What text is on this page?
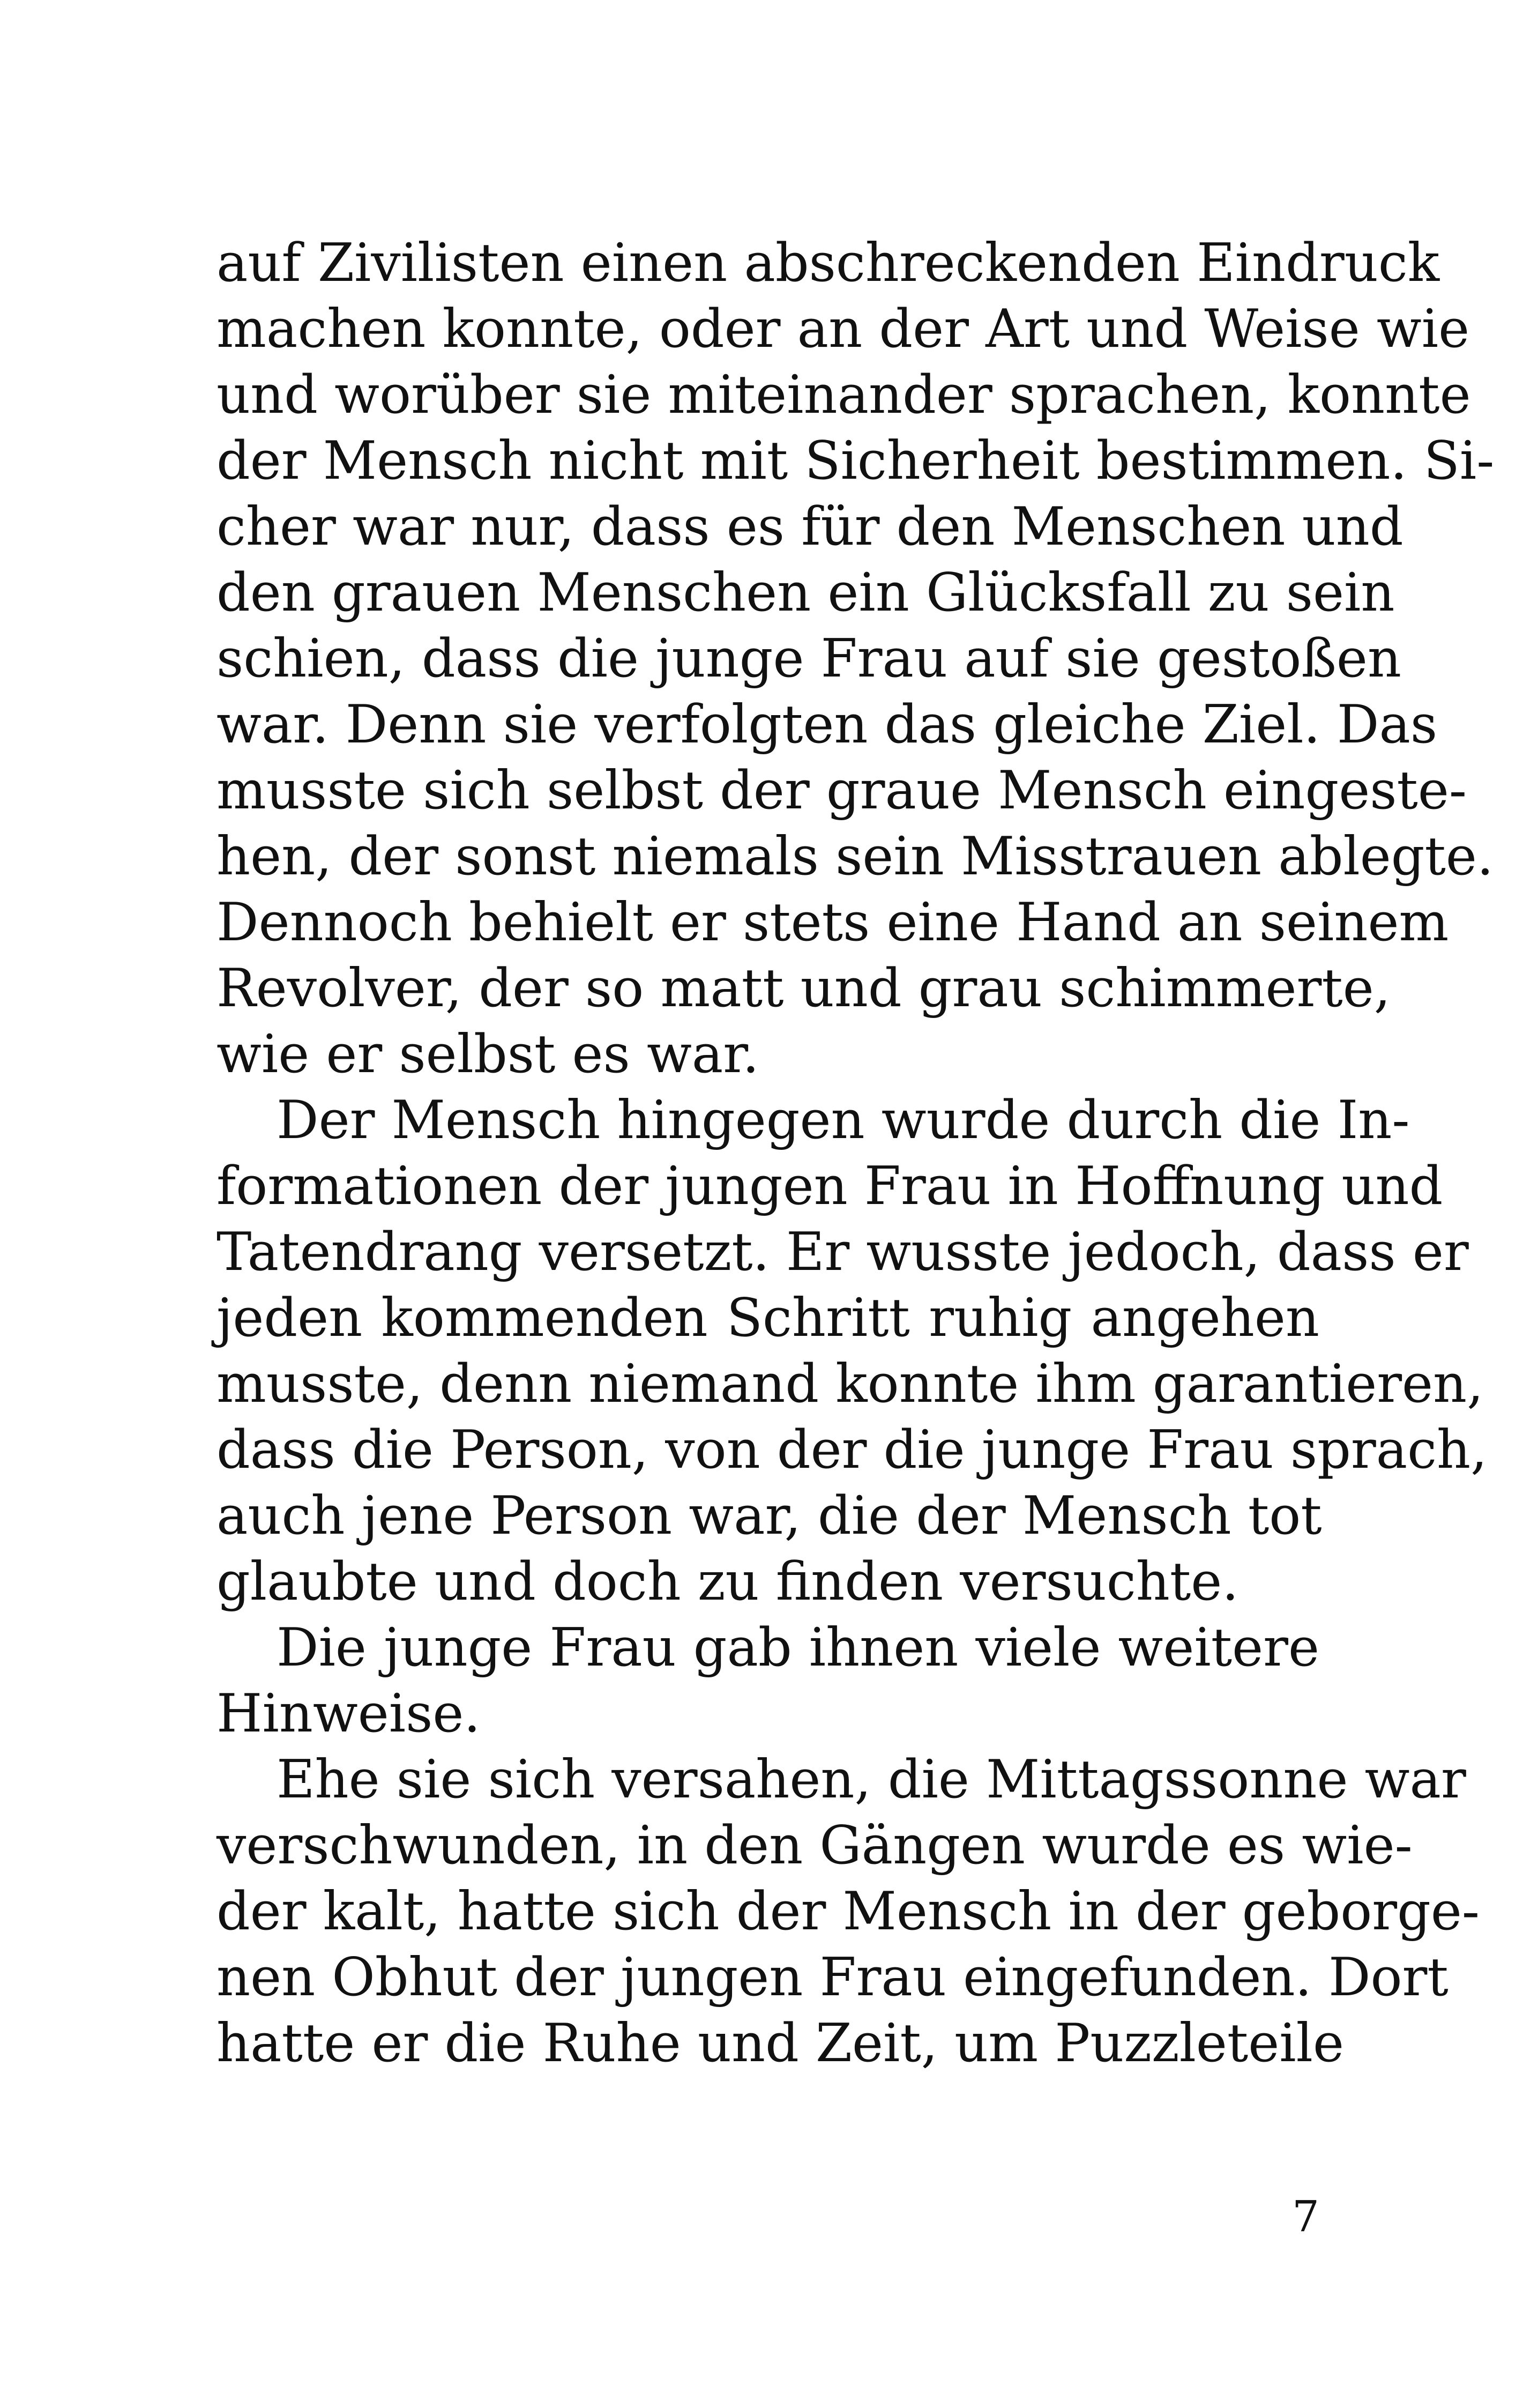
auf Zivilisten einen abschreckenden Eindruck
machen konnte, oder an der Art und Weise wie
und worüber sie miteinander sprachen, konnte
der Mensch nicht mit Sicherheit bestimmen. Si-
cher war nur, dass es für den Menschen und
den grauen Menschen ein Glücksfall zu sein
schien, dass die junge Frau auf sie gestoßen
war. Denn sie verfolgten das gleiche Ziel. Das
musste sich selbst der graue Mensch eingeste-
hen, der sonst niemals sein Misstrauen ablegte.
Dennoch behielt er stets eine Hand an seinem
Revolver, der so matt und grau schimmerte,
wie er selbst es war.
Der Mensch hingegen wurde durch die In-
formationen der jungen Frau in Hoffnung und
Tatendrang versetzt. Er wusste jedoch, dass er
jeden kommenden Schritt ruhig angehen
musste, denn niemand konnte ihm garantieren,
dass die Person, von der die junge Frau sprach,
auch jene Person war, die der Mensch tot
glaubte und doch zu finden versuchte.
Die junge Frau gab ihnen viele weitere
Hinweise.
Ehe sie sich versahen, die Mittagssonne war
verschwunden, in den Gängen wurde es wie-
der kalt, hatte sich der Mensch in der geborge-
nen Obhut der jungen Frau eingefunden. Dort
hatte er die Ruhe und Zeit, um Puzzleteile
7
